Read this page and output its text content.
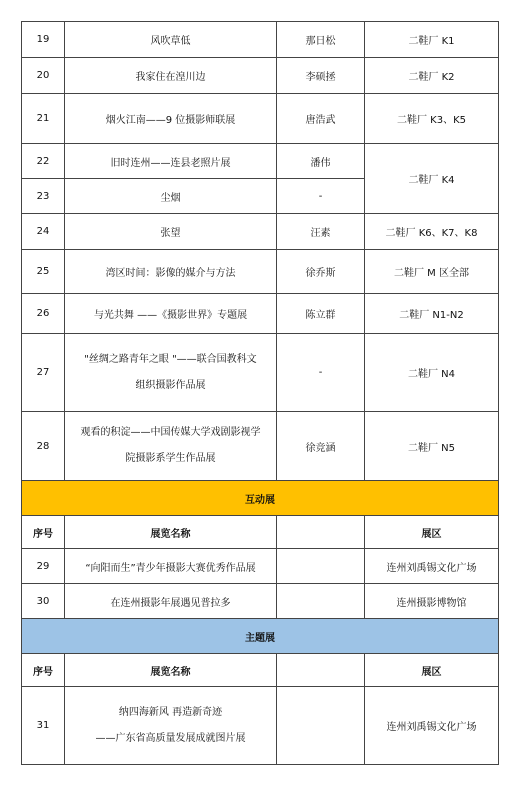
19	风吹草低	那日松	二鞋厂 K1
20	我家住在湟川边	李硕拯	二鞋厂 K2
21	烟火江南——9 位摄影师联展	唐浩武	二鞋厂 K3、K5
22	旧时连州——连县老照片展	潘伟	二鞋厂 K4
23	尘烟	-	
24	张望	汪素	二鞋厂 K6、K7、K8
25	湾区时间：影像的媒介与方法	徐乔斯	二鞋厂 M 区全部
26	与光共舞 ——《摄影世界》专题展	陈立群	二鞋厂 N1-N2
27	"丝绸之路青年之眼 "——联合国教科文
组织摄影作品展	-	二鞋厂 N4
28	观看的积淀——中国传媒大学戏剧影视学
院摄影系学生作品展	徐竞涵	二鞋厂 N5
互动展			
序号	展览名称		展区
29	“向阳而生”青少年摄影大赛优秀作品展		连州刘禹锡文化广场
30	在连州摄影年展遇见普拉多		连州摄影博物馆
主题展			
序号	展览名称		展区
31	纳四海新风 再造新奇迹
——广东省高质量发展成就图片展		连州刘禹锡文化广场
